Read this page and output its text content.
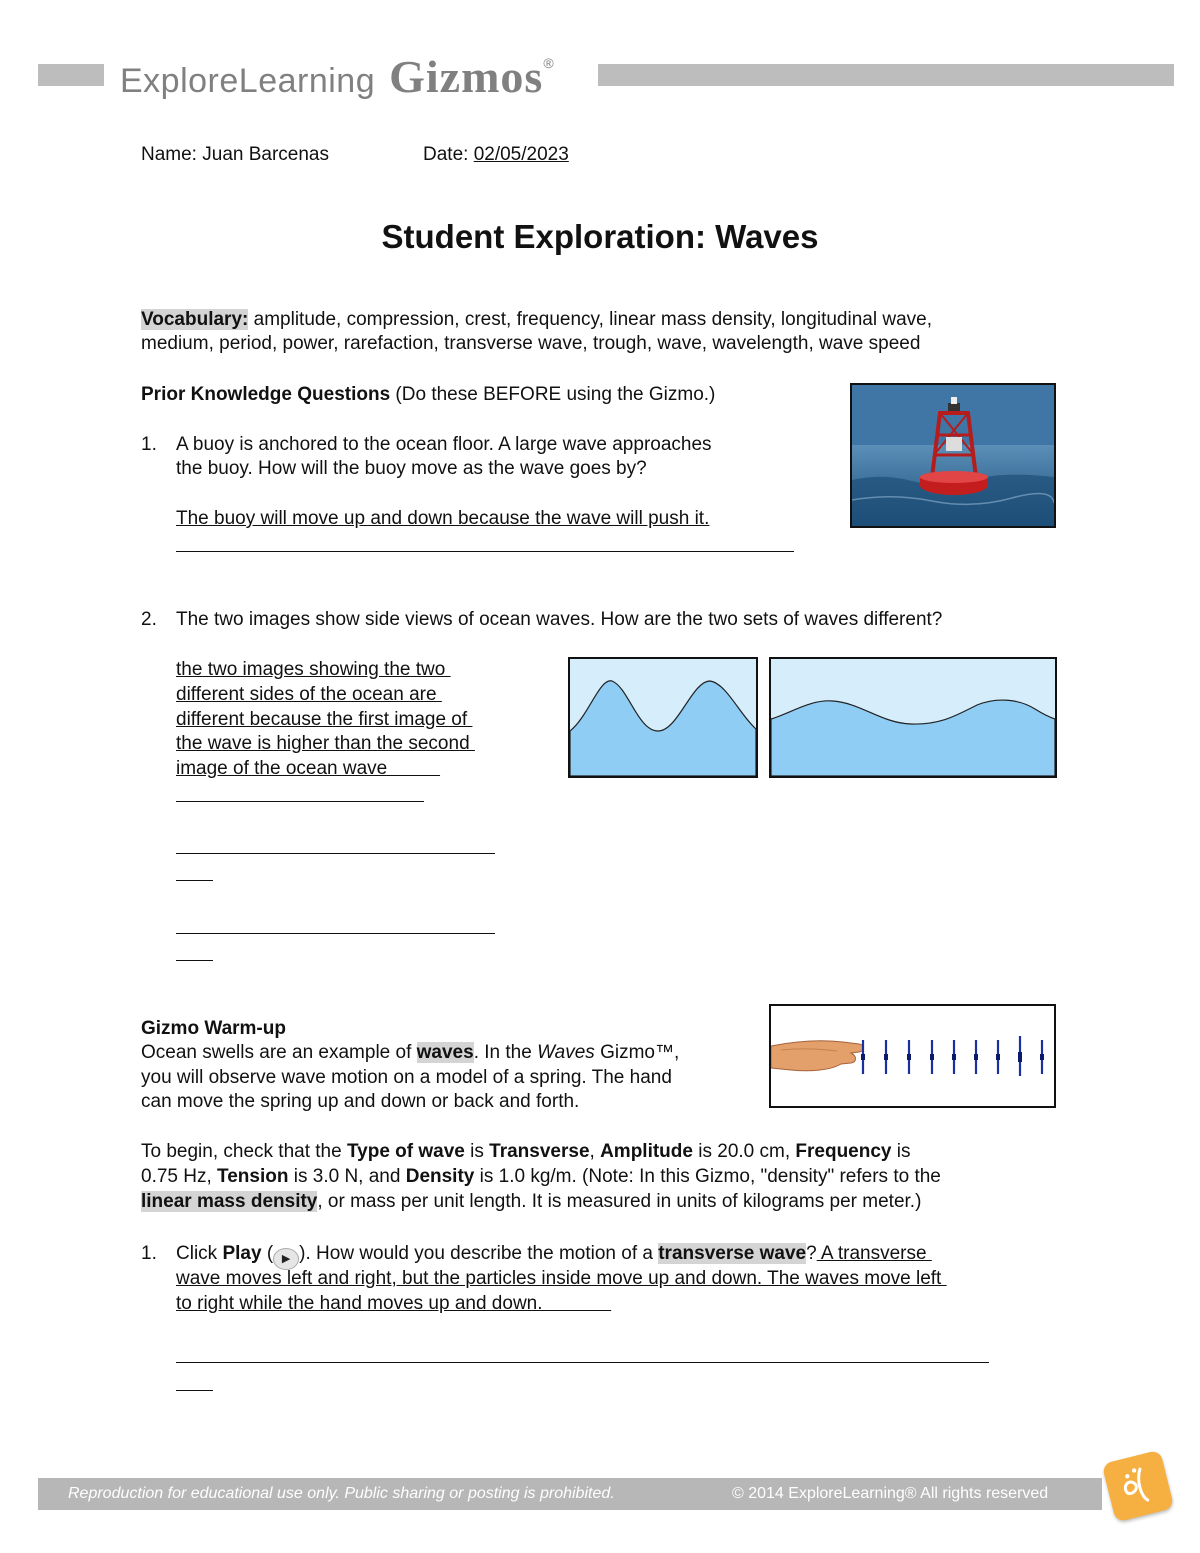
ExploreLearning Gizmos ®
Name: Juan Barcenas	Date: 02/05/2023
Student Exploration: Waves
Vocabulary: amplitude, compression, crest, frequency, linear mass density, longitudinal wave,
medium, period, power, rarefaction, transverse wave, trough, wave, wavelength, wave speed
Prior Knowledge Questions (Do these BEFORE using the Gizmo.)
1. A buoy is anchored to the ocean floor. A large wave approaches
the buoy. How will the buoy move as the wave goes by?
The buoy will move up and down because the wave will push it.
2. The two images show side views of ocean waves. How are the two sets of waves different?
the two images showing the two
different sides of the ocean are
different because the first image of
the wave is higher than the second
image of the ocean wave
Gizmo Warm-up
Ocean swells are an example of waves. In the Waves Gizmo™,
you will observe wave motion on a model of a spring. The hand
can move the spring up and down or back and forth.
To begin, check that the Type of wave is Transverse, Amplitude is 20.0 cm, Frequency is
0.75 Hz, Tension is 3.0 N, and Density is 1.0 kg/m. (Note: In this Gizmo, "density" refers to the
linear mass density, or mass per unit length. It is measured in units of kilograms per meter.)
1. Click Play ( ▶ ). How would you describe the motion of a transverse wave? A transverse
wave moves left and right, but the particles inside move up and down. The waves move left
to right while the hand moves up and down.
Reproduction for educational use only. Public sharing or posting is prohibited.	© 2014 ExploreLearning® All rights reserved
